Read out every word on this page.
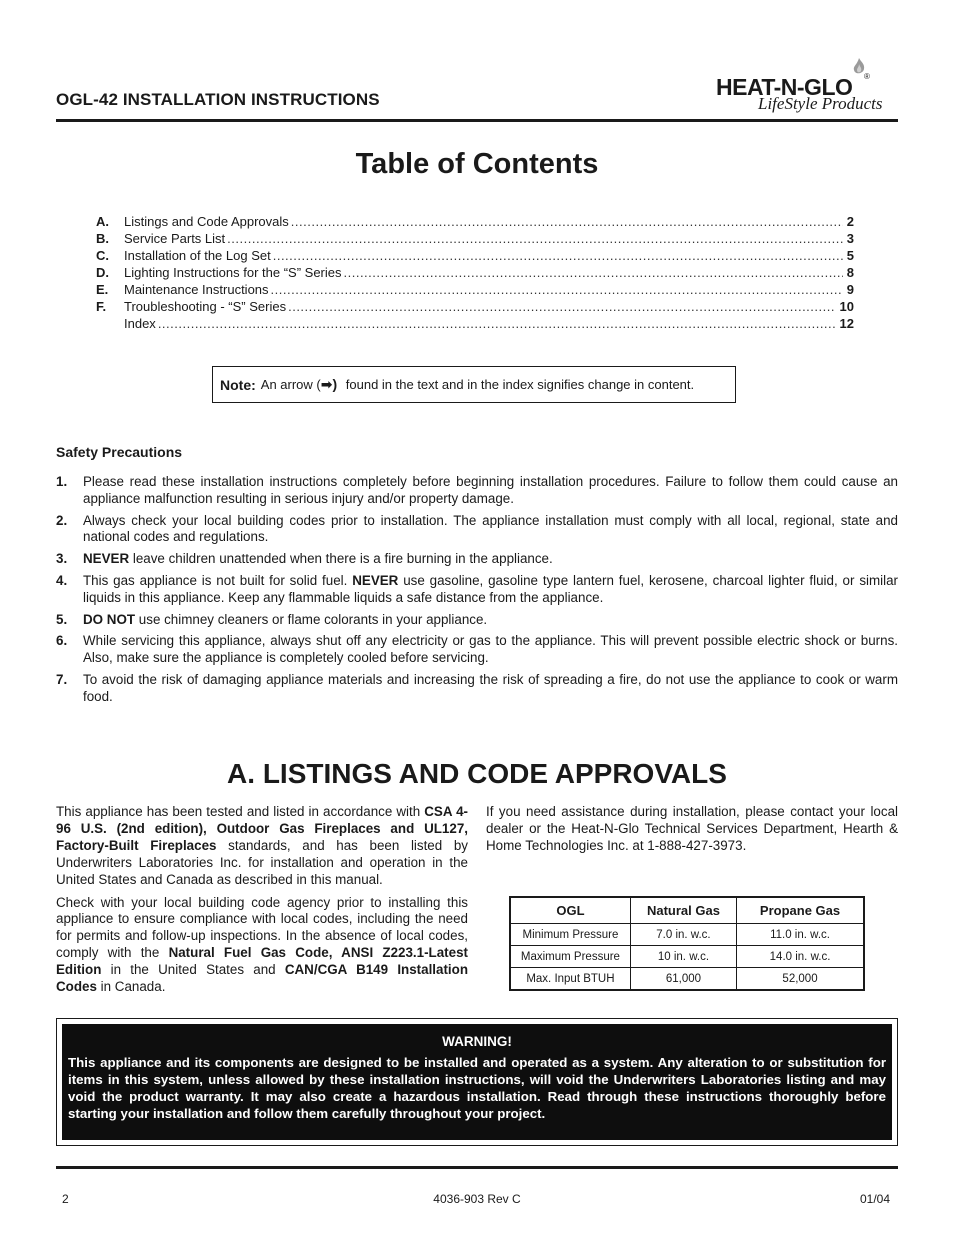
OGL-42 INSTALLATION INSTRUCTIONS	HEAT-N-GLO ®
LifeStyle Products
Table of Contents
A.	Listings and Code Approvals .....	2
B.	Service Parts List .....	3
C.	Installation of the Log Set .....	5
D.	Lighting Instructions for the “S” Series .....	8
E.	Maintenance Instructions .....	9
F.	Troubleshooting - “S” Series .....	10
Index .....	12
Note: An arrow ( ➡) found in the text and in the index signifies change in content.
Safety Precautions
1. Please read these installation instructions completely before beginning installation procedures. Failure to follow them could cause an appliance malfunction resulting in serious injury and/or property damage.
2. Always check your local building codes prior to installation. The appliance installation must comply with all local, regional, state and national codes and regulations.
3. NEVER leave children unattended when there is a fire burning in the appliance.
4. This gas appliance is not built for solid fuel. NEVER use gasoline, gasoline type lantern fuel, kerosene, charcoal lighter fluid, or similar liquids in this appliance. Keep any flammable liquids a safe distance from the appliance.
5. DO NOT use chimney cleaners or flame colorants in your appliance.
6. While servicing this appliance, always shut off any electricity or gas to the appliance. This will prevent possible electric shock or burns. Also, make sure the appliance is completely cooled before servicing.
7. To avoid the risk of damaging appliance materials and increasing the risk of spreading a fire, do not use the appliance to cook or warm food.
A. LISTINGS AND CODE APPROVALS

This appliance has been tested and listed in accordance with CSA 4-96 U.S. (2nd edition), Outdoor Gas Fireplaces and UL127, Factory-Built Fireplaces standards, and has been listed by Underwriters Laboratories Inc. for installation and operation in the United States and Canada as described in this manual.

Check with your local building code agency prior to installing this appliance to ensure compliance with local codes, including the need for permits and follow-up inspections. In the absence of local codes, comply with the Natural Fuel Gas Code, ANSI Z223.1-Latest Edition in the United States and CAN/CGA B149 Installation Codes in Canada.

If you need assistance during installation, please contact your local dealer or the Heat-N-Glo Technical Services Department, Hearth & Home Technologies Inc. at 1-888-427-3973.

OGL	Natural Gas	Propane Gas
Minimum Pressure	7.0 in. w.c.	11.0 in. w.c.
Maximum Pressure	10 in. w.c.	14.0 in. w.c.
Max. Input BTUH	61,000	52,000
WARNING!
This appliance and its components are designed to be installed and operated as a system. Any alteration to or substitution for items in this system, unless allowed by these installation instructions, will void the Underwriters Laboratories listing and may void the product warranty. It may also create a hazardous installation. Read through these instructions thoroughly before starting your installation and follow them carefully throughout your project.
2	4036-903 Rev C	01/04
